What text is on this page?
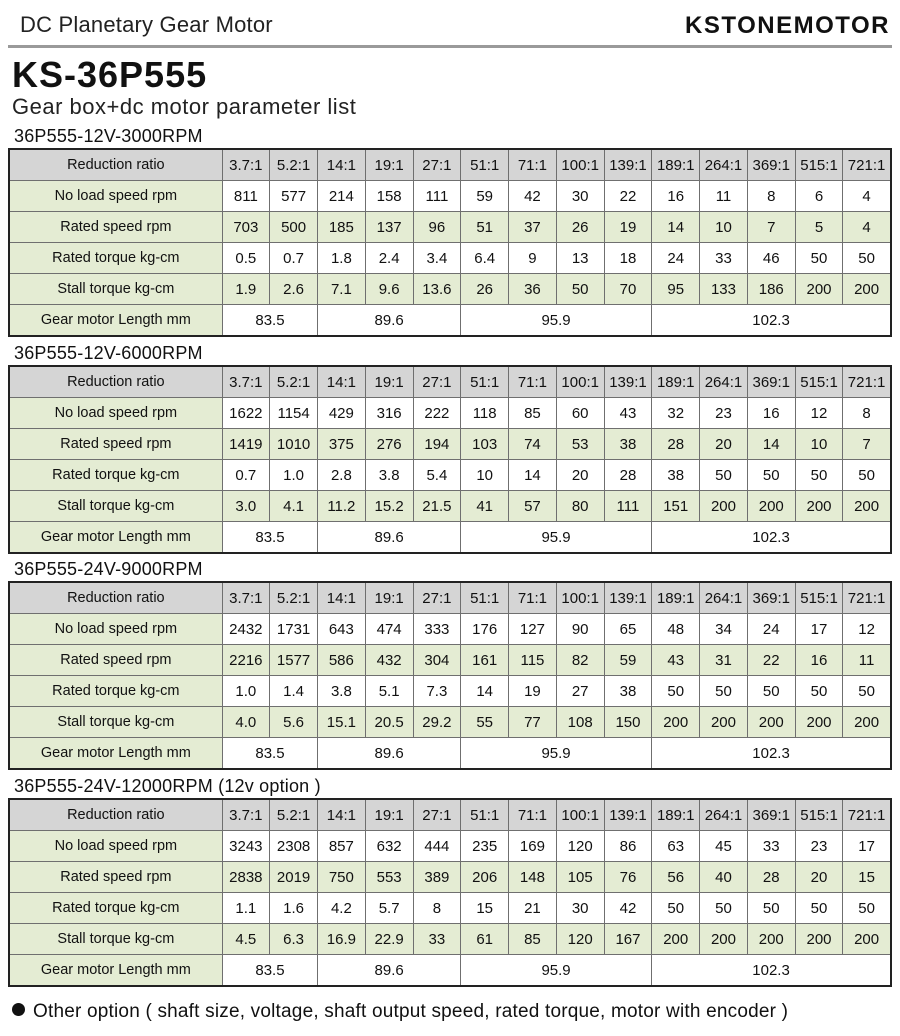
DC Planetary Gear Motor	KSTONEMOTOR
KS-36P555
Gear box+dc motor parameter list
36P555-12V-3000RPM
Reduction ratio	3.7:1	5.2:1	14:1	19:1	27:1	51:1	71:1	100:1	139:1	189:1	264:1	369:1	515:1	721:1
No load speed rpm	811	577	214	158	111	59	42	30	22	16	11	8	6	4
Rated speed rpm	703	500	185	137	96	51	37	26	19	14	10	7	5	4
Rated torque kg-cm	0.5	0.7	1.8	2.4	3.4	6.4	9	13	18	24	33	46	50	50
Stall torque kg-cm	1.9	2.6	7.1	9.6	13.6	26	36	50	70	95	133	186	200	200
Gear motor Length mm	83.5		89.6			95.9				102.3				
36P555-12V-6000RPM
Reduction ratio	3.7:1	5.2:1	14:1	19:1	27:1	51:1	71:1	100:1	139:1	189:1	264:1	369:1	515:1	721:1
No load speed rpm	1622	1154	429	316	222	118	85	60	43	32	23	16	12	8
Rated speed rpm	1419	1010	375	276	194	103	74	53	38	28	20	14	10	7
Rated torque kg-cm	0.7	1.0	2.8	3.8	5.4	10	14	20	28	38	50	50	50	50
Stall torque kg-cm	3.0	4.1	11.2	15.2	21.5	41	57	80	111	151	200	200	200	200
Gear motor Length mm	83.5		89.6			95.9				102.3				
36P555-24V-9000RPM
Reduction ratio	3.7:1	5.2:1	14:1	19:1	27:1	51:1	71:1	100:1	139:1	189:1	264:1	369:1	515:1	721:1
No load speed rpm	2432	1731	643	474	333	176	127	90	65	48	34	24	17	12
Rated speed rpm	2216	1577	586	432	304	161	115	82	59	43	31	22	16	11
Rated torque kg-cm	1.0	1.4	3.8	5.1	7.3	14	19	27	38	50	50	50	50	50
Stall torque kg-cm	4.0	5.6	15.1	20.5	29.2	55	77	108	150	200	200	200	200	200
Gear motor Length mm	83.5		89.6			95.9				102.3				
36P555-24V-12000RPM (12v option )
Reduction ratio	3.7:1	5.2:1	14:1	19:1	27:1	51:1	71:1	100:1	139:1	189:1	264:1	369:1	515:1	721:1
No load speed rpm	3243	2308	857	632	444	235	169	120	86	63	45	33	23	17
Rated speed rpm	2838	2019	750	553	389	206	148	105	76	56	40	28	20	15
Rated torque kg-cm	1.1	1.6	4.2	5.7	8	15	21	30	42	50	50	50	50	50
Stall torque kg-cm	4.5	6.3	16.9	22.9	33	61	85	120	167	200	200	200	200	200
Gear motor Length mm	83.5		89.6			95.9				102.3				
Other option ( shaft size, voltage, shaft output speed, rated torque, motor with encoder )
